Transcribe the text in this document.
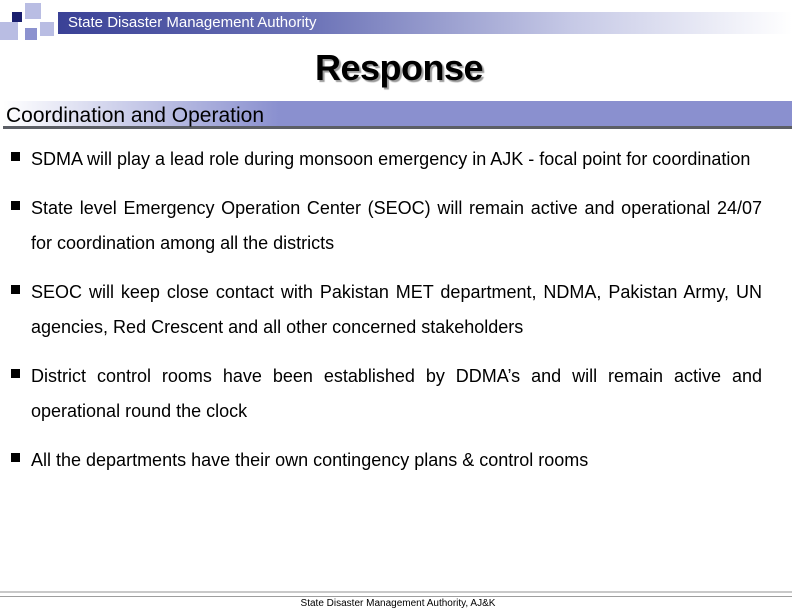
State Disaster Management Authority
Response
Coordination and Operation
SDMA will play a lead role during monsoon emergency in AJK - focal point for coordination
State level Emergency Operation Center (SEOC) will remain active and operational 24/07 for coordination among all the districts
SEOC will keep close contact with Pakistan MET department, NDMA, Pakistan Army, UN agencies, Red Crescent and all other concerned stakeholders
District control rooms have been established by DDMA’s and will remain active and operational round the clock
All the departments have their own contingency plans & control rooms
State Disaster Management Authority, AJ&K
